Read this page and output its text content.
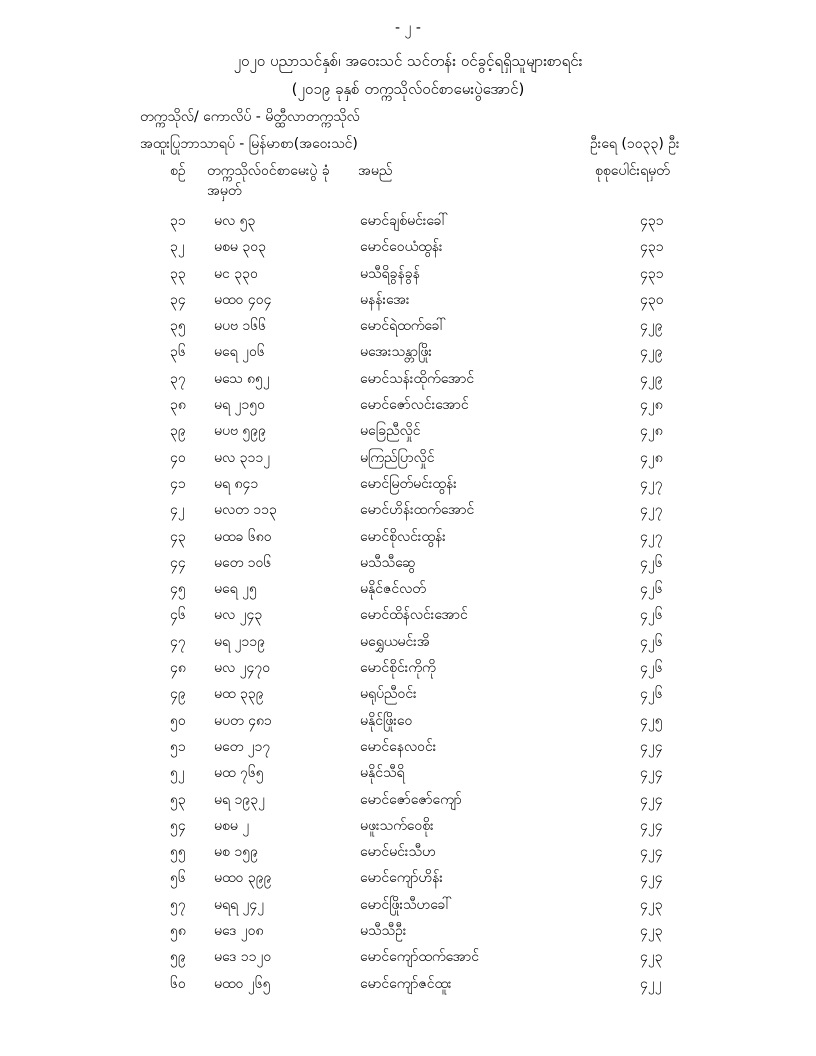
- ၂ -
၂၀၂၀ ပညာသင်နှစ်၊ အဝေးသင် သင်တန်း ဝင်ခွင့်ရရှိသူများစာရင်း
(၂၀၁၉ ခုနှစ် တက္ကသိုလ်ဝင်စာမေးပွဲအောင်)
တက္ကသိုလ်/ ကောလိပ် - မိတ္ထီလာတက္ကသိုလ်
အထူးပြုဘာသာရပ် - မြန်မာစာ(အဝေးသင်)	ဦးရေ (၁၀၃၃) ဦး
စဉ် တက္ကသိုလ်ဝင်စာမေးပွဲ ခုံအမှတ်
အမည်	စုစုပေါင်းရမှတ်
၃၁ မလ ၅၃	မောင်ချစ်မင်းခေါ်	၄၃၁
၃၂ မစမ ၃၀၃	မောင်ဝေယံထွန်း	၄၃၁
၃၃ မင ၃၃၀	မသီရိခွန်ခွန်	၄၃၁
၃၄ မထဝ ၄၀၄	မနန်းအေး	၄၃၀
၃၅ မပဗ ၁၆၆	မောင်ရဲထက်ခေါ်	၄၂၉
၃၆ မရေ ၂၀၆	မအေးသန္တာဖြိုး	၄၂၉
၃၇ မသေ ၈၅၂	မောင်သန်းထိုက်အောင်	၄၂၉
၃၈ မရ ၂၁၅၀	မောင်ဇော်လင်းအောင်	၄၂၈
၃၉ မပဗ ၅၉၉	မခြေညီလှိုင်	၄၂၈
၄၀ မလ ၃၁၁၂	မကြည်ပြာလှိုင်	၄၂၈
၄၁ မရ ၈၄၁	မောင်မြတ်မင်းထွန်း	၄၂၇
၄၂ မလတ ၁၁၃	မောင်ဟိန်းထက်အောင်	၄၂၇
၄၃ မထခ ၆၈၀	မောင်စိုလင်းထွန်း	၄၂၇
၄၄ မတေ ၁၀၆	မသီသီဆွေ	၄၂၆
၄၅ မရေ ၂၅	မနိုင်ဇင်လတ်	၄၂၆
၄၆ မလ ၂၄၃	မောင်ထိန်လင်းအောင်	၄၂၆
၄၇ မရ ၂၁၁၉	မရွှေယမင်းအိ	၄၂၆
၄၈ မလ ၂၄၇၀	မောင်စိုင်းကိုကို	၄၂၆
၄၉ မထ ၃၃၉	မရုပ်ညီဝင်း	၄၂၆
၅၀ မပတ ၄၈၁	မနိုင်ဖြိုးဝေ	၄၂၅
၅၁ မတေ ၂၁၇	မောင်နေလဝင်း	၄၂၄
၅၂ မထ ၇၆၅	မနိုင်သီရိ	၄၂၄
၅၃ မရ ၁၉၃၂	မောင်ဇော်ဇော်ကျော်	၄၂၄
၅၄ မစမ ၂	မဖူးသက်ဝေစိုး	၄၂၄
၅၅ မစ ၁၅၉	မောင်မင်းသီဟ	၄၂၄
၅၆ မထဝ ၃၉၉	မောင်ကျော်ဟိန်း	၄၂၄
၅၇ မရရ ၂၄၂	မောင်ဖြိုးသီဟခေါ်	၄၂၃
၅၈ မဒေ ၂၀၈	မသီသီဦး	၄၂၃
၅၉ မဒေ ၁၁၂၀	မောင်ကျော်ထက်အောင်	၄၂၃
၆၀ မထဝ ၂၆၅	မောင်ကျော်ဇင်ထူး	၄၂၂
